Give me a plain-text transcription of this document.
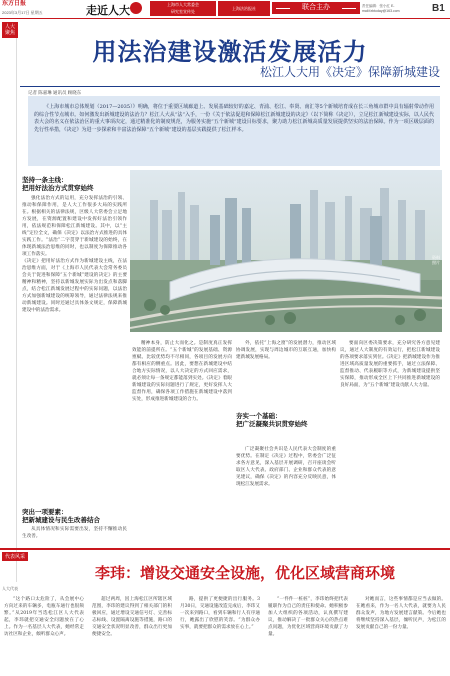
东方日报
2023年3月17日 星期五	走近人大	上海市人大常委会
研究室宣传处
上海法治报社	联合主办	责任编辑：张小红 E-mail:fzbtoday@163.com	B1
人大聚焦
用法治建设激活发展活力
松江人大用《决定》保障新城建设
记者 陈嘉琳 通讯员 顾晓东

《上海市城市总体规划（2017—2035）》明确，将位于重要区域廊道上、发展基础较好的嘉定、青浦、松江、奉贤、南汇等5个新城培育成在长三角城市群中具有辐射带动作用的综合性节点城市。如何激发出新城建设的法治力？松江人大从“法”入手，一份《关于依法促进和保障松江新城建设的决定》（以下简称《决定》），立足松江新城建设实际，以人民代表大会的名义在依法治区的重大事项决定，通过精准化的制度规范，为服务实施“五个新城”建设目标要求，聚力助力松江新城高质量发展提供坚实的法治保障。作为一项区级层面的先行性举措，《决定》为进一步探索和丰富法治保障“五个新城”建设的基层实践提供了松江样本。

资料照片
坚持一条主线：
把用好法治方式贯穿始终

强化法治方式的运用，充分发挥法治的引领、推动和保障作用，是人大工作很多大局的实践所在。根据相关的法律法规，区级人大常委会立足地方发展，在资源配置和建设中发挥好法治引领作用，依法规范和保障松江新城建设。其中，以“主线”定位全文，确保《决定》以法治方式推进的具体实践工作。“法治”二字贯穿于新城建设的始终，在体现新城法治思维的同时，也以制度为保障推动各项工作落实。
《决定》把用好法治方式作为新城建设主线，在法治思维方面，对于《上海市人民代表大会常务委员会关于促进和保障“五个新城”建设的决定》的主要精神和精神，坚持以新城发展实际为出发点和落脚点，结合松江新城发展过程中的实际问题，以法治方式加强新城建设的统筹领导，通过法律法规来推动新城建设。同时还通过具体条文规定，保障新城建设中的法治需求。

突出一项要素：
把新城建设与民生改善结合

从具体情况和实际需要出发，坚持不懈推动民生改善。

精神本身，防止大而化之。是制度真正发挥效能的前提所在。“五个新城”的发展基础、资源禀赋、比较优势均不尽相同，各项目的发展方向都有相应的侧重点。因此，要想在新城建设中结合地方实际情况，以人大决定的方式回应需求，就必须让每一条规定都能落到实处。《决定》着眼新城建设的实际问题进行了规定，更好发挥人大监督作用，确保各项工作措施在新城建设中落到实处，形成推进新城建设的合力。

外，依托“上海之窗”的发展潜力，推动区域协调发展，实现与周边城市的互联互通，加快构建新城发展格局。

夯实一个基础：
把广泛凝聚共识贯穿始终

广泛凝聚社会共识是人民代表大会制度的重要优势。在制定《决定》过程中，常委会广泛征求各方意见，深入基层开展调研，召开座谈会听取区人大代表、政府部门、企业和群众代表的意见建议，确保《决定》的内容充分反映民意，体现松江发展需求。

要面向区委决策要求，充分研究各方意见建议，通过人大制度的有效运行，把松江新城建设的各项要求落实到位。《决定》把新城建设作为推进区域高质量发展的重要抓手，通过立法保障、监督推动、代表履职等方式，为新城建设提供坚实保障，推动形成全区上下共同推进新城建设的良好局面，为“五个新城”建设贡献人大力量。

代表风采
李玮：增设交通安全设施，优化区域营商环境
人大代表

“这个路口太危险了，从会展中心方向过来的车辆多，电瓶车通行也很频繁。”从2019年当选松江区人大代表起，李玮就把交通安全问题放在了心上。作为一名基层人大代表，她经常走访社区和企业，倾听群众心声。

超过两周，因上海松江区所辖区域范围，李玮的建议得到了相关部门的积极回应，通过增设交通信号灯、完善标志标线、设置隔离设施等措施，路口的交通安全状况明显改善，群众出行更加便捷安全。

路，提供了更便捷的出行服务。3月30日，交通设施改造完成后，李玮又一次来到路口，看到车辆和行人有序通行，她露出了欣慰的笑容。“为群众办实事，就要把群众的需求放在心上。”

“一件件一桩桩”，李玮始终把代表履职作为自己的责任和使命。她积极参加人大组织的各项活动，认真撰写建议，推动解决了一批群众关心的热点难点问题，为优化区域营商环境贡献了力量。

对她而言，这些事情都是应当去做的。在她看来，作为一名人大代表，就要为人民群众发声，为地方发展建言献策。今后她也将继续坚持深入基层，倾听民声，为松江的发展贡献自己的一份力量。
